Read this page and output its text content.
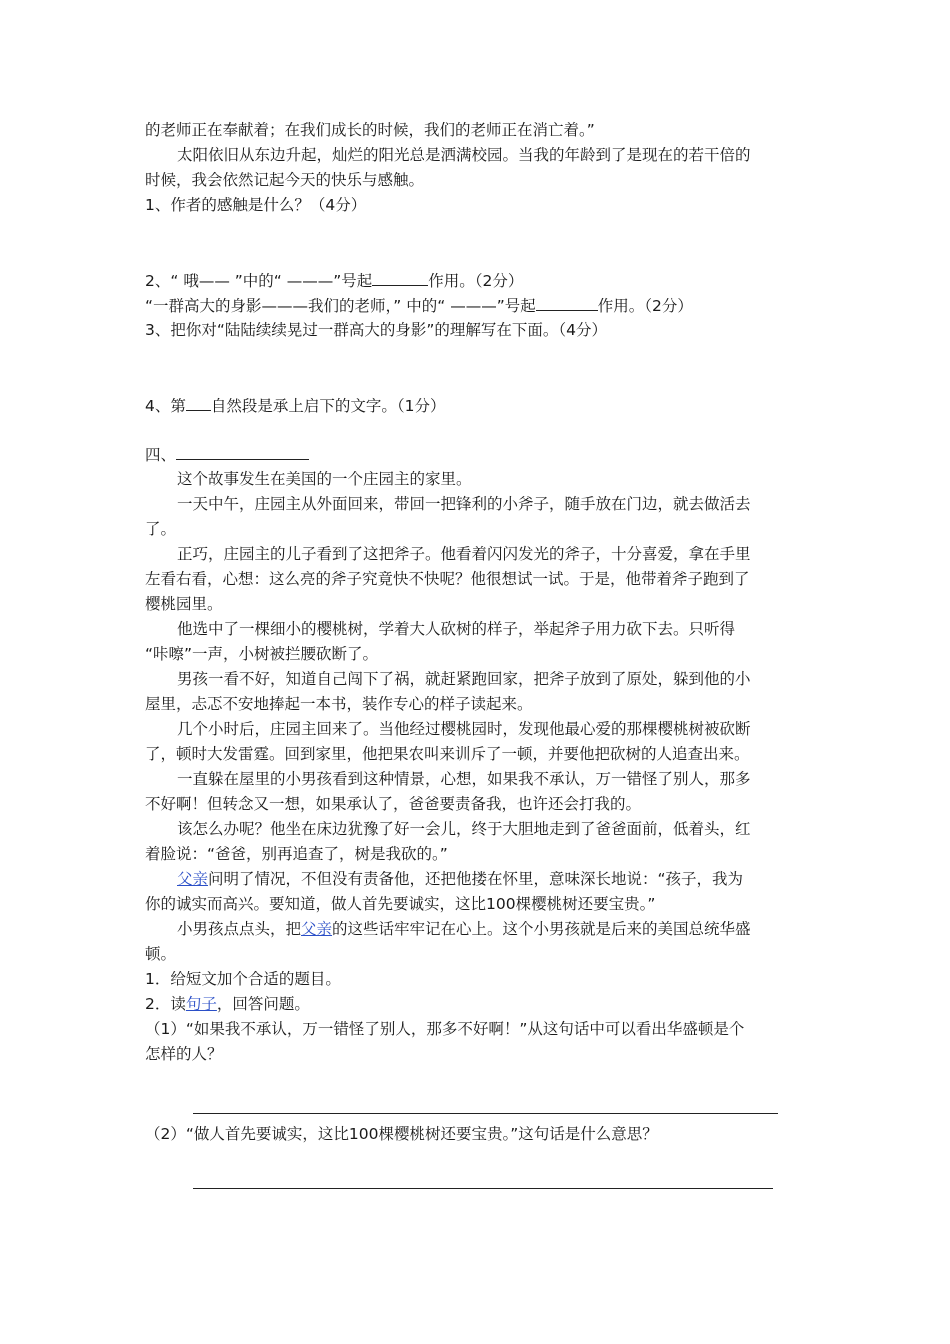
的老师正在奉献着；在我们成长的时候，我们的老师正在消亡着。”
太阳依旧从东边升起，灿烂的阳光总是洒满校园。当我的年龄到了是现在的若干倍的
时候，我会依然记起今天的快乐与感触。
1、作者的感触是什么？（4分）
2、“ 哦—— ”中的“ ———”号起	作用。（2分）
“一群高大的身影———我们的老师，” 中的“ ———”号起	作用。（2分）
3、把你对“陆陆续续晃过一群高大的身影”的理解写在下面。（4分）
4、第 自然段是承上启下的文字。（1分）
四、
这个故事发生在美国的一个庄园主的家里。
一天中午，庄园主从外面回来，带回一把锋利的小斧子，随手放在门边，就去做活去
了。
正巧，庄园主的儿子看到了这把斧子。他看着闪闪发光的斧子，十分喜爱，拿在手里
左看右看，心想：这么亮的斧子究竟快不快呢？他很想试一试。于是，他带着斧子跑到了
樱桃园里。
他选中了一棵细小的樱桃树，学着大人砍树的样子，举起斧子用力砍下去。只听得
“咔嚓”一声，小树被拦腰砍断了。
男孩一看不好，知道自己闯下了祸，就赶紧跑回家，把斧子放到了原处，躲到他的小
屋里，忐忑不安地捧起一本书，装作专心的样子读起来。
几个小时后，庄园主回来了。当他经过樱桃园时，发现他最心爱的那棵樱桃树被砍断
了，顿时大发雷霆。回到家里，他把果农叫来训斥了一顿，并要他把砍树的人追查出来。
一直躲在屋里的小男孩看到这种情景，心想，如果我不承认，万一错怪了别人，那多
不好啊！但转念又一想，如果承认了，爸爸要责备我，也许还会打我的。
该怎么办呢？他坐在床边犹豫了好一会儿，终于大胆地走到了爸爸面前，低着头，红
着脸说：“爸爸，别再追查了，树是我砍的。”
父亲问明了情况，不但没有责备他，还把他搂在怀里，意味深长地说：“孩子，我为
你的诚实而高兴。要知道，做人首先要诚实，这比100棵樱桃树还要宝贵。”
小男孩点点头，把父亲的这些话牢牢记在心上。这个小男孩就是后来的美国总统华盛
顿。
1．给短文加个合适的题目。
2．读句子，回答问题。
（1）“如果我不承认，万一错怪了别人，那多不好啊！”从这句话中可以看出华盛顿是个
怎样的人？
（2）“做人首先要诚实，这比100棵樱桃树还要宝贵。”这句话是什么意思？
